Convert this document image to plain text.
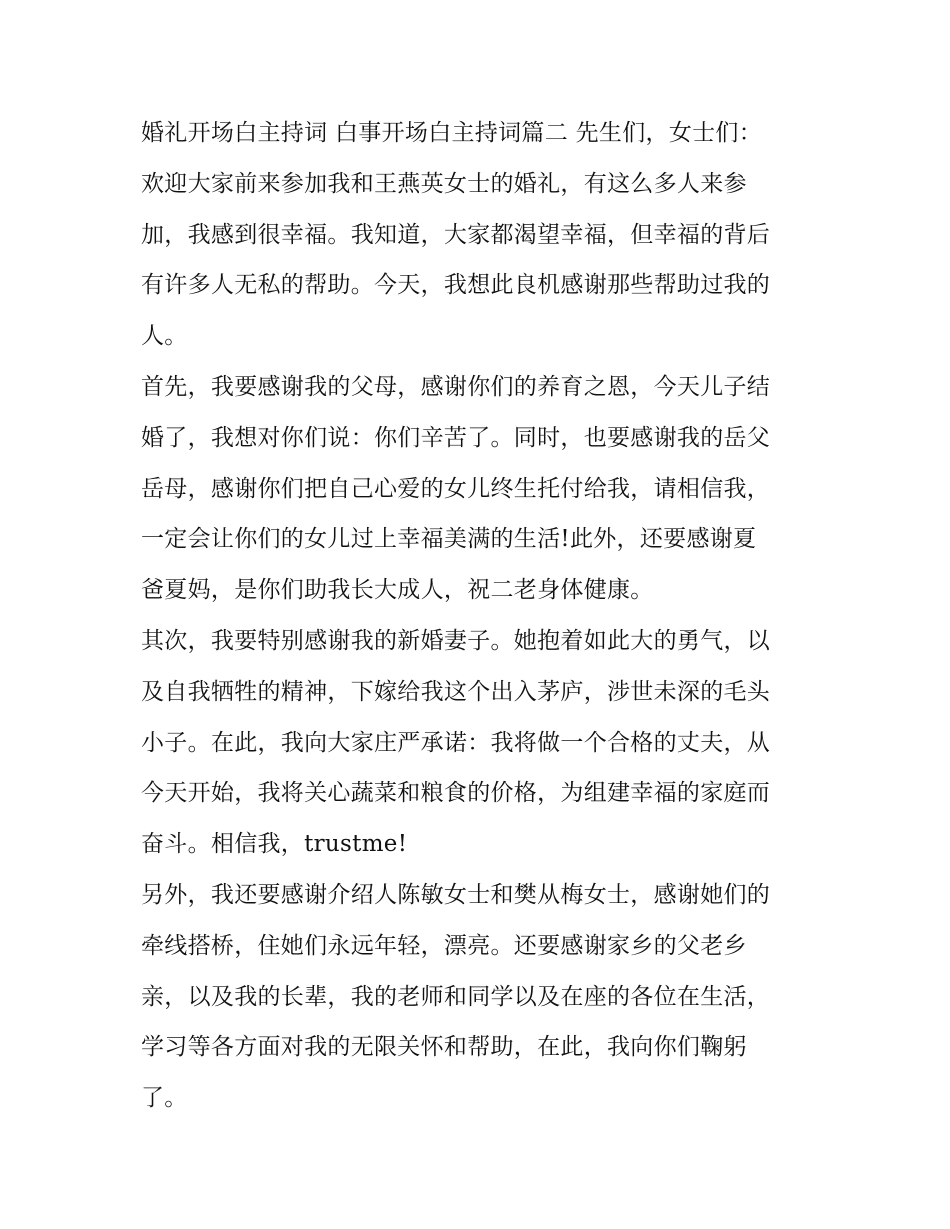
婚礼开场白主持词 白事开场白主持词篇二 先生们，女士们：
欢迎大家前来参加我和王燕英女士的婚礼，有这么多人来参
加，我感到很幸福。我知道，大家都渴望幸福，但幸福的背后
有许多人无私的帮助。今天，我想此良机感谢那些帮助过我的
人。

首先，我要感谢我的父母，感谢你们的养育之恩，今天儿子结
婚了，我想对你们说：你们辛苦了。同时，也要感谢我的岳父
岳母，感谢你们把自己心爱的女儿终生托付给我，请相信我，
一定会让你们的女儿过上幸福美满的生活!此外，还要感谢夏
爸夏妈，是你们助我长大成人，祝二老身体健康。

其次，我要特别感谢我的新婚妻子。她抱着如此大的勇气，以
及自我牺牲的精神，下嫁给我这个出入茅庐，涉世未深的毛头
小子。在此，我向大家庄严承诺：我将做一个合格的丈夫，从
今天开始，我将关心蔬菜和粮食的价格，为组建幸福的家庭而
奋斗。相信我，trustme!

另外，我还要感谢介绍人陈敏女士和樊从梅女士，感谢她们的
牵线搭桥，住她们永远年轻，漂亮。还要感谢家乡的父老乡
亲，以及我的长辈，我的老师和同学以及在座的各位在生活，
学习等各方面对我的无限关怀和帮助，在此，我向你们鞠躬
了。
